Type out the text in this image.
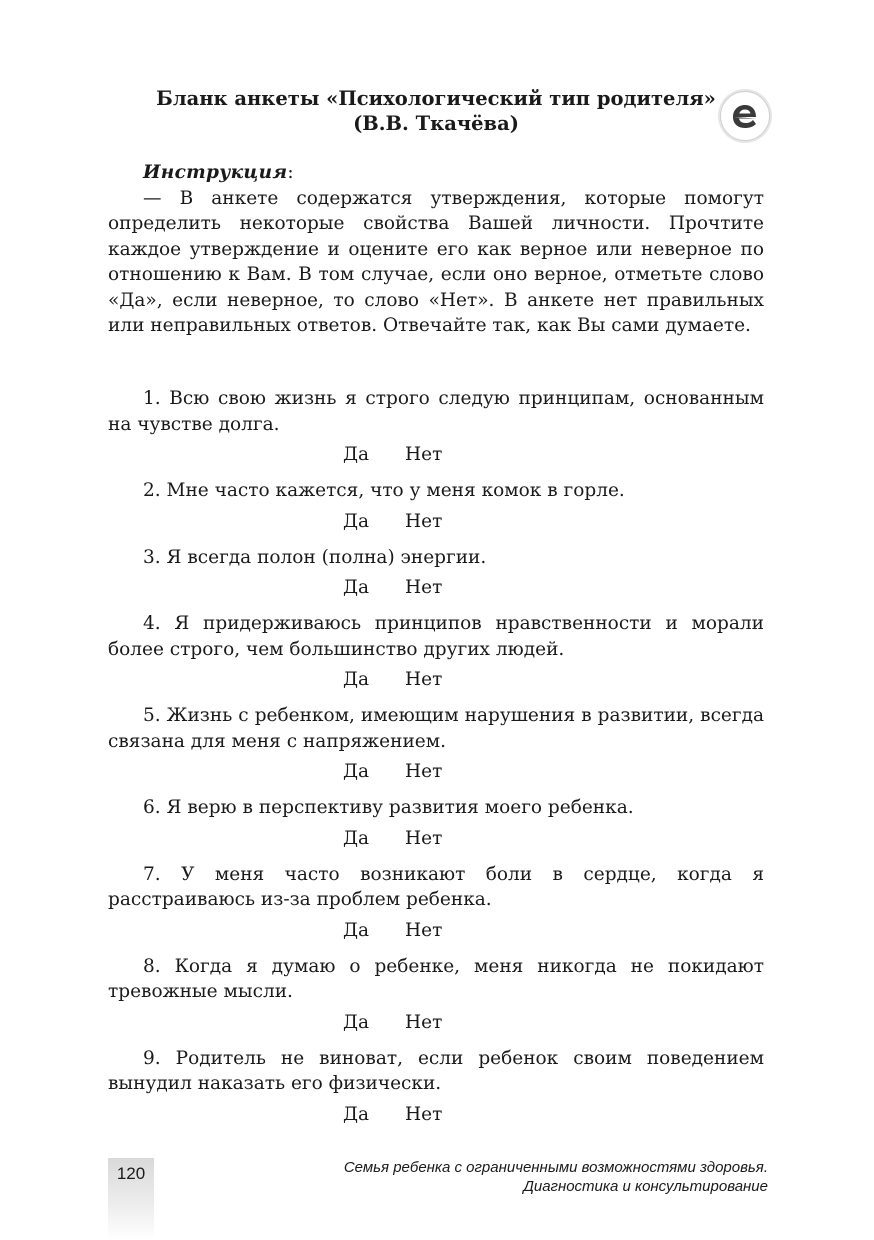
Бланк анкеты «Психологический тип родителя»
(В.В. Ткачёва)
Инструкция:
— В анкете содержатся утверждения, которые помогут определить некоторые свойства Вашей личности. Прочтите каждое утверждение и оцените его как верное или неверное по отношению к Вам. В том случае, если оно верное, отметьте слово «Да», если неверное, то слово «Нет». В анкете нет правильных или неправильных ответов. Отвечайте так, как Вы сами думаете.
1. Всю свою жизнь я строго следую принципам, основанным на чувстве долга.
Да Нет
2. Мне часто кажется, что у меня комок в горле.
Да Нет
3. Я всегда полон (полна) энергии.
Да Нет
4. Я придерживаюсь принципов нравственности и морали более строго, чем большинство других людей.
Да Нет
5. Жизнь с ребенком, имеющим нарушения в развитии, всегда связана для меня с напряжением.
Да Нет
6. Я верю в перспективу развития моего ребенка.
Да Нет
7. У меня часто возникают боли в сердце, когда я расстраиваюсь из-за проблем ребенка.
Да Нет
8. Когда я думаю о ребенке, меня никогда не покидают тревожные мысли.
Да Нет
9. Родитель не виноват, если ребенок своим поведением вынудил наказать его физически.
Да Нет
120	Семья ребенка с ограниченными возможностями здоровья.
Диагностика и консультирование
